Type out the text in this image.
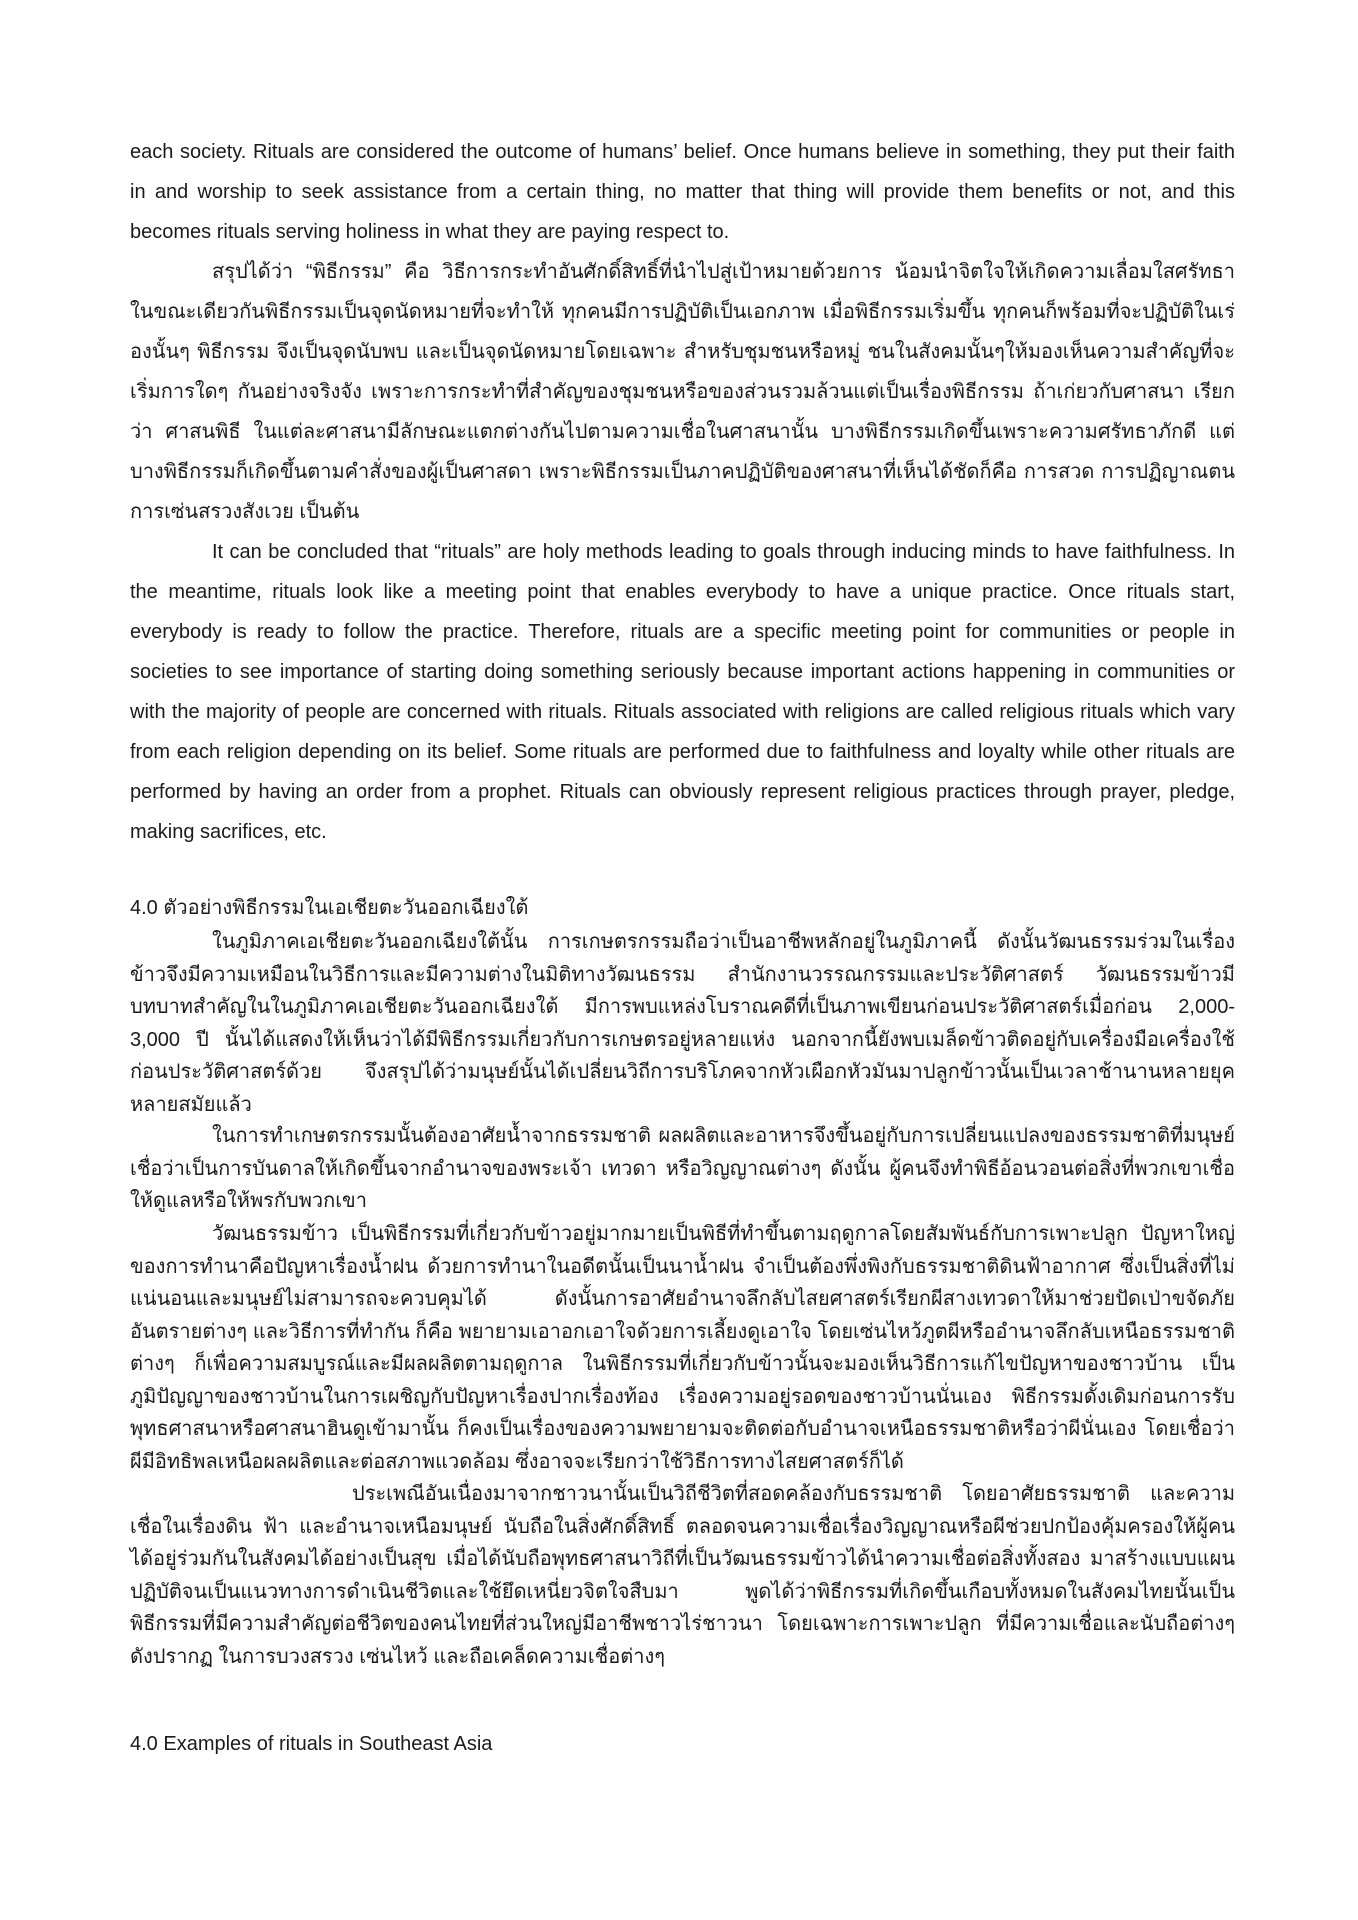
each society. Rituals are considered the outcome of humans’ belief. Once humans believe in something, they put their faith in and worship to seek assistance from a certain thing, no matter that thing will provide them benefits or not, and this becomes rituals serving holiness in what they are paying respect to.

สรุปได้ว่า “พิธีกรรม” คือ วิธีการกระทำอันศักดิ์สิทธิ์ที่นำไปสู่เป้าหมายด้วยการ น้อมนำจิตใจให้เกิดความเลื่อมใสศรัทธา ในขณะเดียวกันพิธีกรรมเป็นจุดนัดหมายที่จะทำให้ ทุกคนมีการปฏิบัติเป็นเอกภาพ เมื่อพิธีกรรมเริ่มขึ้น ทุกคนก็พร้อมที่จะปฏิบัติในเร่องนั้นๆ พิธีกรรม จึงเป็นจุดนับพบ และเป็นจุดนัดหมายโดยเฉพาะ สำหรับชุมชนหรือหมู่ ชนในสังคมนั้นๆให้มองเห็นความสำคัญที่จะเริ่มการใดๆ กันอย่างจริงจัง เพราะการกระทำที่สำคัญของชุมชนหรือของส่วนรวมล้วนแต่เป็นเรื่องพิธีกรรม ถ้าเก่ยวกับศาสนา เรียกว่า ศาสนพิธี ในแต่ละศาสนามีลักษณะแตกต่างกันไปตามความเชื่อในศาสนานั้น บางพิธีกรรมเกิดขึ้นเพราะความศรัทธาภักดี แต่บางพิธีกรรมก็เกิดขึ้นตามคำสั่งของผู้เป็นศาสดา เพราะพิธีกรรมเป็นภาคปฏิบัติของศาสนาที่เห็นได้ชัดก็คือ การสวด การปฏิญาณตน การเซ่นสรวงสังเวย เป็นต้น

It can be concluded that “rituals” are holy methods leading to goals through inducing minds to have faithfulness. In the meantime, rituals look like a meeting point that enables everybody to have a unique practice. Once rituals start, everybody is ready to follow the practice. Therefore, rituals are a specific meeting point for communities or people in societies to see importance of starting doing something seriously because important actions happening in communities or with the majority of people are concerned with rituals. Rituals associated with religions are called religious rituals which vary from each religion depending on its belief. Some rituals are performed due to faithfulness and loyalty while other rituals are performed by having an order from a prophet. Rituals can obviously represent religious practices through prayer, pledge, making sacrifices, etc.

4.0 ตัวอย่างพิธีกรรมในเอเชียตะวันออกเฉียงใต้

ในภูมิภาคเอเชียตะวันออกเฉียงใต้นั้น การเกษตรกรรมถือว่าเป็นอาชีพหลักอยู่ในภูมิภาคนี้ ดังนั้นวัฒนธรรมร่วมในเรื่องข้าวจึงมีความเหมือนในวิธีการและมีความต่างในมิติทางวัฒนธรรม สำนักงานวรรณกรรมและประวัติศาสตร์ วัฒนธรรมข้าวมีบทบาทสำคัญในในภูมิภาคเอเชียตะวันออกเฉียงใต้ มีการพบแหล่งโบราณคดีที่เป็นภาพเขียนก่อนประวัติศาสตร์เมื่อก่อน 2,000-3,000 ปี นั้นได้แสดงให้เห็นว่าได้มีพิธีกรรมเกี่ยวกับการเกษตรอยู่หลายแห่ง นอกจากนี้ยังพบเมล็ดข้าวติดอยู่กับเครื่องมือเครื่องใช้ก่อนประวัติศาสตร์ด้วย จึงสรุปได้ว่ามนุษย์นั้นได้เปลี่ยนวิถีการบริโภคจากหัวเผือกหัวมันมาปลูกข้าวนั้นเป็นเวลาช้านานหลายยุคหลายสมัยแล้ว

ในการทำเกษตรกรรมนั้นต้องอาศัยน้ำจากธรรมชาติ ผลผลิตและอาหารจึงขึ้นอยู่กับการเปลี่ยนแปลงของธรรมชาติที่มนุษย์เชื่อว่าเป็นการบันดาลให้เกิดขึ้นจากอำนาจของพระเจ้า เทวดา หรือวิญญาณต่างๆ ดังนั้น ผู้คนจึงทำพิธีอ้อนวอนต่อสิ่งที่พวกเขาเชื่อให้ดูแลหรือให้พรกับพวกเขา

วัฒนธรรมข้าว เป็นพิธีกรรมที่เกี่ยวกับข้าวอยู่มากมายเป็นพิธีที่ทำขึ้นตามฤดูกาลโดยสัมพันธ์กับการเพาะปลูก ปัญหาใหญ่ของการทำนาคือปัญหาเรื่องน้ำฝน ด้วยการทำนาในอดีตนั้นเป็นนาน้ำฝน จำเป็นต้องพึ่งพิงกับธรรมชาติดินฟ้าอากาศ ซึ่งเป็นสิ่งที่ไม่แน่นอนและมนุษย์ไม่สามารถจะควบคุมได้ ดังนั้นการอาศัยอำนาจลึกลับไสยศาสตร์เรียกผีสางเทวดาให้มาช่วยปัดเป่าขจัดภัยอันตรายต่างๆ และวิธีการที่ทำกัน ก็คือ พยายามเอาอกเอาใจด้วยการเลี้ยงดูเอาใจ โดยเซ่นไหว้ภูตผีหรืออำนาจลึกลับเหนือธรรมชาติต่างๆ ก็เพื่อความสมบูรณ์และมีผลผลิตตามฤดูกาล ในพิธีกรรมที่เกี่ยวกับข้าวนั้นจะมองเห็นวิธีการแก้ไขปัญหาของชาวบ้าน เป็นภูมิปัญญาของชาวบ้านในการเผชิญกับปัญหาเรื่องปากเรื่องท้อง เรื่องความอยู่รอดของชาวบ้านนั่นเอง พิธีกรรมดั้งเดิมก่อนการรับพุทธศาสนาหรือศาสนาฮินดูเข้ามานั้น ก็คงเป็นเรื่องของความพยายามจะติดต่อกับอำนาจเหนือธรรมชาติหรือว่าผีนั่นเอง โดยเชื่อว่าผีมีอิทธิพลเหนือผลผลิตและต่อสภาพแวดล้อม ซึ่งอาจจะเรียกว่าใช้วิธีการทางไสยศาสตร์ก็ได้

ประเพณีอันเนื่องมาจากชาวนานั้นเป็นวิถีชีวิตที่สอดคล้องกับธรรมชาติ โดยอาศัยธรรมชาติ และความเชื่อในเรื่องดิน ฟ้า และอำนาจเหนือมนุษย์ นับถือในสิ่งศักดิ์สิทธิ์ ตลอดจนความเชื่อเรื่องวิญญาณหรือผีช่วยปกป้องคุ้มครองให้ผู้คนได้อยู่ร่วมกันในสังคมได้อย่างเป็นสุข เมื่อได้นับถือพุทธศาสนาวิถีที่เป็นวัฒนธรรมข้าวได้นำความเชื่อต่อสิ่งทั้งสอง มาสร้างแบบแผนปฏิบัติจนเป็นแนวทางการดำเนินชีวิตและใช้ยึดเหนี่ยวจิตใจสืบมา พูดได้ว่าพิธีกรรมที่เกิดขึ้นเกือบทั้งหมดในสังคมไทยนั้นเป็นพิธีกรรมที่มีความสำคัญต่อชีวิตของคนไทยที่ส่วนใหญ่มีอาชีพชาวไร่ชาวนา โดยเฉพาะการเพาะปลูก ที่มีความเชื่อและนับถือต่างๆ ดังปรากฏ ในการบวงสรวง เซ่นไหว้ และถือเคล็ดความเชื่อต่างๆ

4.0 Examples of rituals in Southeast Asia
